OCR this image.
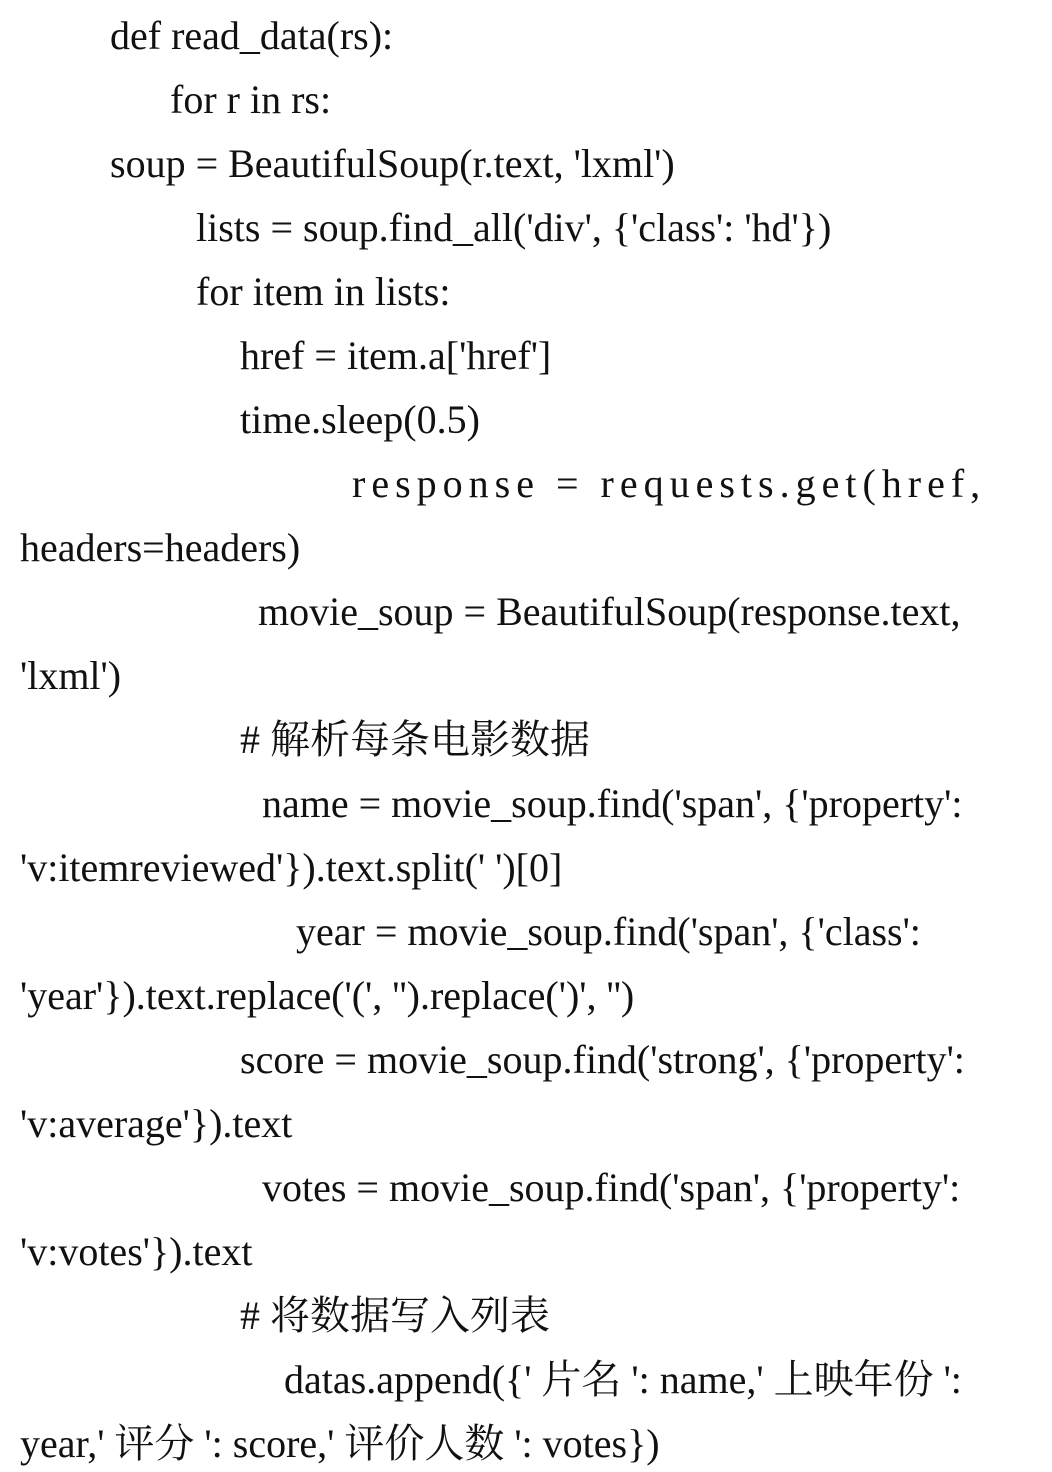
def read_data(rs):

for r in rs:

soup = BeautifulSoup(r.text, 'lxml')

lists = soup.find_all('div', {'class': 'hd'})

for item in lists:

href = item.a['href']

time.sleep(0.5)

response = requests.get(href,

headers=headers)

movie_soup = BeautifulSoup(response.text,

'lxml')

# 解析每条电影数据

name = movie_soup.find('span', {'property':

'v:itemreviewed'}).text.split(' ')[0]

year = movie_soup.find('span', {'class':

'year'}).text.replace('(', '').replace(')', '')

score = movie_soup.find('strong', {'property':

'v:average'}).text

votes = movie_soup.find('span', {'property':

'v:votes'}).text

# 将数据写入列表

datas.append({' 片名 ': name,' 上映年份 ':

year,' 评分 ': score,' 评价人数 ': votes})
